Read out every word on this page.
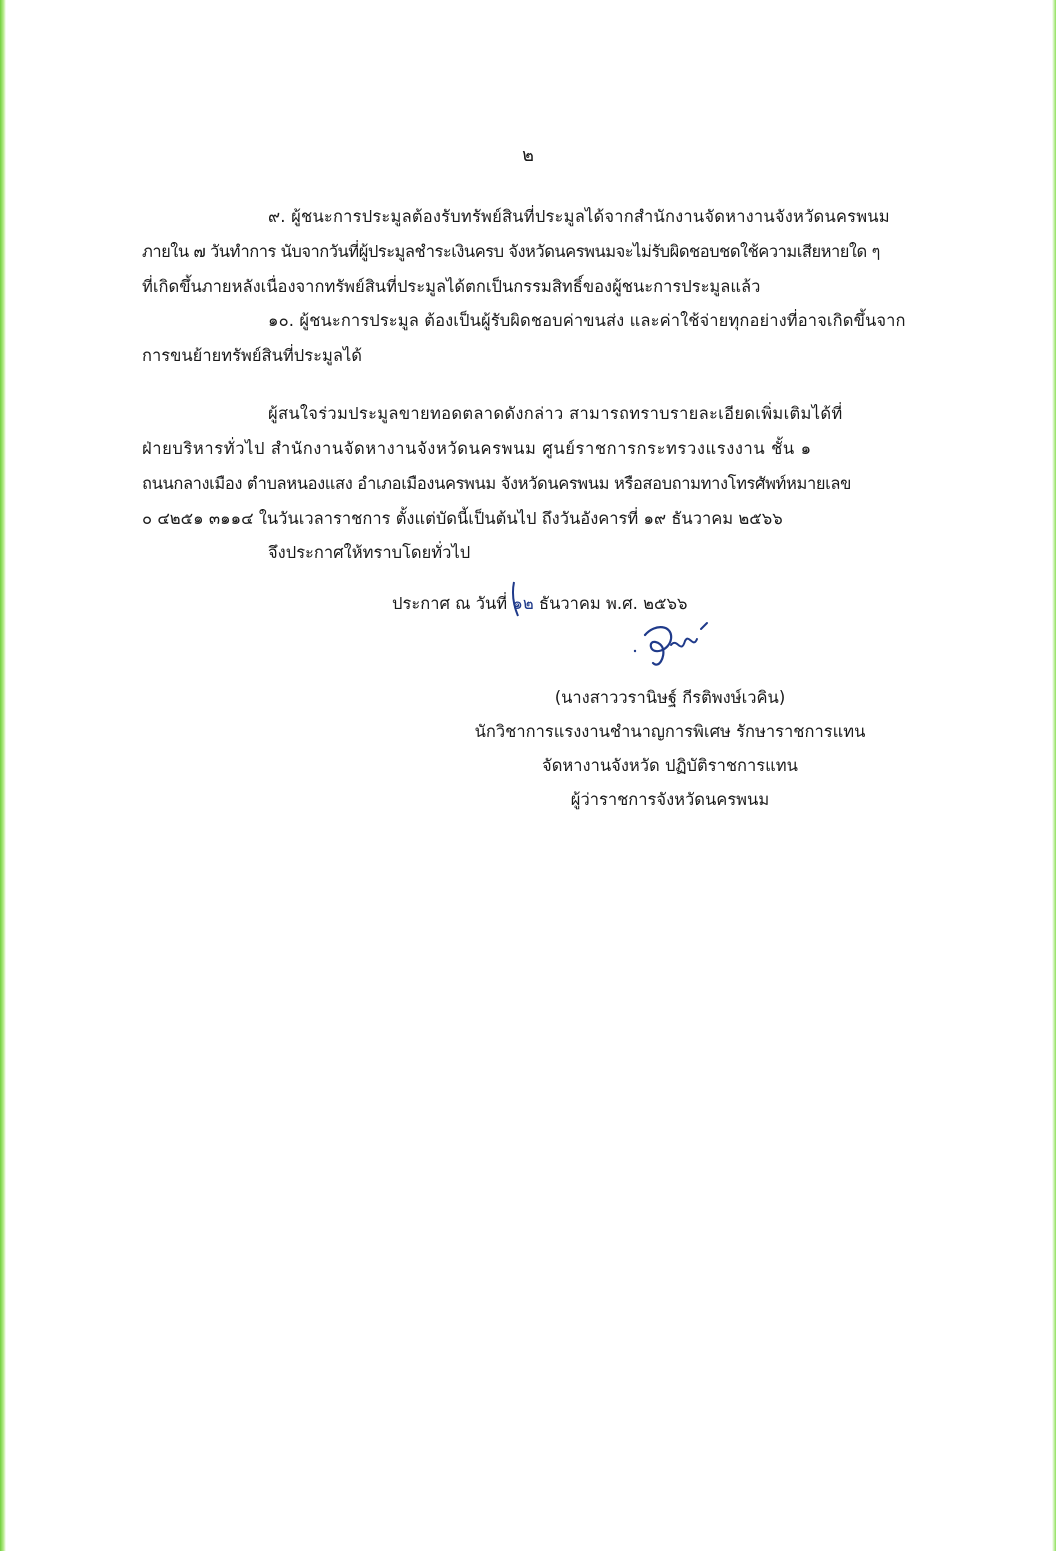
๒
๙. ผู้ชนะการประมูลต้องรับทรัพย์สินที่ประมูลได้จากสำนักงานจัดหางานจังหวัดนครพนม
ภายใน ๗ วันทำการ นับจากวันที่ผู้ประมูลชำระเงินครบ จังหวัดนครพนมจะไม่รับผิดชอบชดใช้ความเสียหายใด ๆ
ที่เกิดขึ้นภายหลังเนื่องจากทรัพย์สินที่ประมูลได้ตกเป็นกรรมสิทธิ์ของผู้ชนะการประมูลแล้ว
๑๐. ผู้ชนะการประมูล ต้องเป็นผู้รับผิดชอบค่าขนส่ง และค่าใช้จ่ายทุกอย่างที่อาจเกิดขึ้นจาก
การขนย้ายทรัพย์สินที่ประมูลได้
ผู้สนใจร่วมประมูลขายทอดตลาดดังกล่าว สามารถทราบรายละเอียดเพิ่มเติมได้ที่
ฝ่ายบริหารทั่วไป สำนักงานจัดหางานจังหวัดนครพนม ศูนย์ราชการกระทรวงแรงงาน ชั้น ๑
ถนนกลางเมือง ตำบลหนองแสง อำเภอเมืองนครพนม จังหวัดนครพนม หรือสอบถามทางโทรศัพท์หมายเลข
๐ ๔๒๕๑ ๓๑๑๔ ในวันเวลาราชการ ตั้งแต่บัดนี้เป็นต้นไป ถึงวันอังคารที่ ๑๙ ธันวาคม ๒๕๖๖
จึงประกาศให้ทราบโดยทั่วไป
ประกาศ ณ วันที่ ๑๒ ธันวาคม พ.ศ. ๒๕๖๖
(นางสาววรานิษฐ์ กีรติพงษ์เวคิน)
นักวิชาการแรงงานชำนาญการพิเศษ รักษาราชการแทน
จัดหางานจังหวัด ปฏิบัติราชการแทน
ผู้ว่าราชการจังหวัดนครพนม
